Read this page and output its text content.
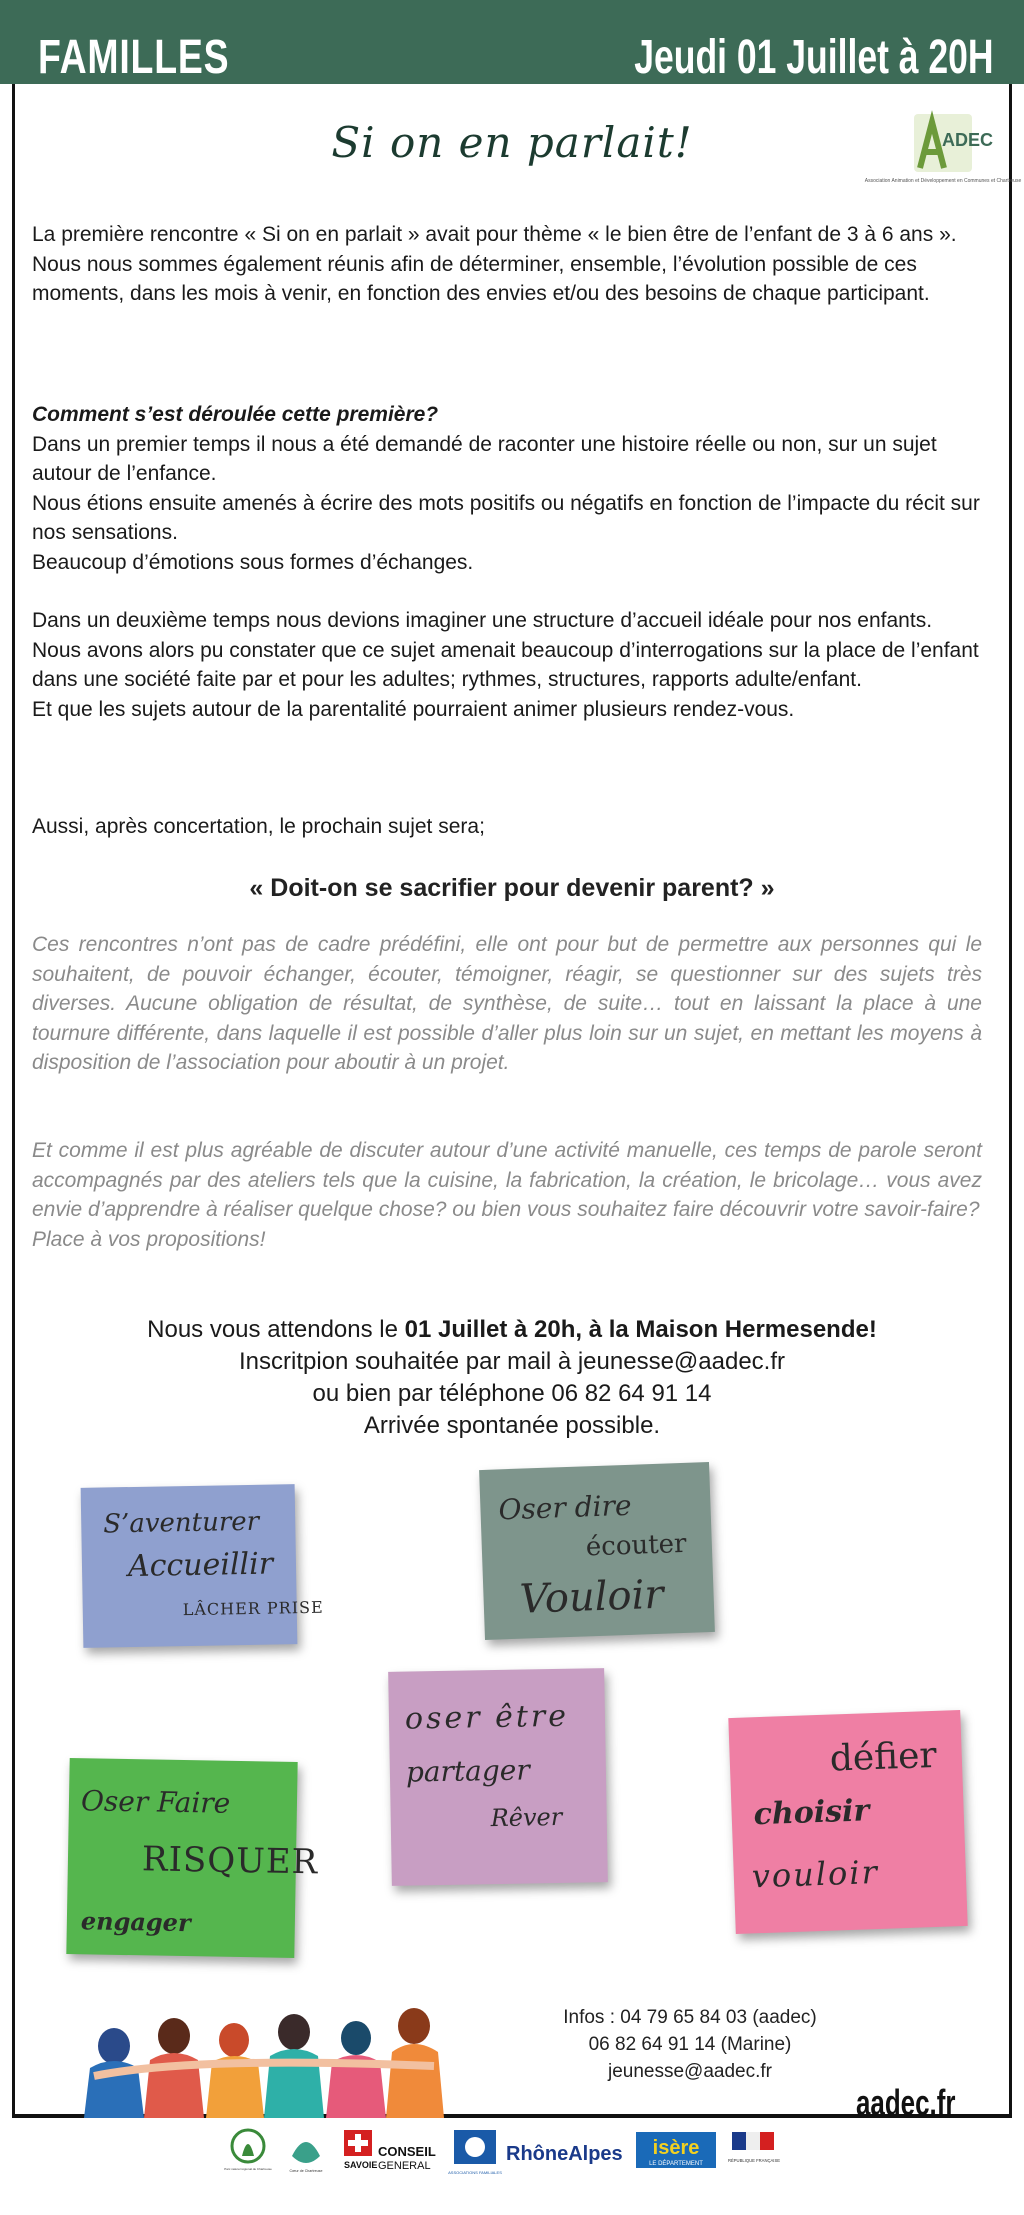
FAMILLES	Jeudi 01 Juillet à 20H
Si on en parlait!	ADEC
Association Animation et Développement en Communes et Chartreuse
La première rencontre « Si on en parlait » avait pour thème « le bien être de l’enfant de 3 à 6 ans ».
Nous nous sommes également réunis afin de déterminer, ensemble, l’évolution possible de ces moments, dans les mois à venir, en fonction des envies et/ou des besoins de chaque participant.
Comment s’est déroulée cette première?
Dans un premier temps il nous a été demandé de raconter une histoire réelle ou non, sur un sujet autour de l’enfance.
Nous étions ensuite amenés à écrire des mots positifs ou négatifs en fonction de l’impacte du récit sur nos sensations.
Beaucoup d’émotions sous formes d’échanges.
Dans un deuxième temps nous devions imaginer une structure d’accueil idéale pour nos enfants.
Nous avons alors pu constater que ce sujet amenait beaucoup d’interrogations sur la place de l’enfant dans une société faite par et pour les adultes; rythmes, structures, rapports adulte/enfant.
Et que les sujets autour de la parentalité pourraient animer plusieurs rendez-vous.
Aussi, après concertation, le prochain sujet sera;
« Doit-on se sacrifier pour devenir parent? »
Ces rencontres n’ont pas de cadre prédéfini, elle ont pour but de permettre aux personnes qui le souhaitent, de pouvoir échanger, écouter, témoigner, réagir, se questionner sur des sujets très diverses. Aucune obligation de résultat, de synthèse, de suite… tout en laissant la place à une tournure différente, dans laquelle il est possible d’aller plus loin sur un sujet, en mettant les moyens à disposition de l’association pour aboutir à un projet.
Et comme il est plus agréable de discuter autour d’une activité manuelle, ces temps de parole seront accompagnés par des ateliers tels que la cuisine, la fabrication, la création, le bricolage… vous avez envie d’apprendre à réaliser quelque chose? ou bien vous souhaitez faire découvrir votre savoir-faire?
Place à vos propositions!
Nous vous attendons le 01 Juillet à 20h, à la Maison Hermesende!
Inscritpion souhaitée par mail à jeunesse@aadec.fr
ou bien par téléphone 06 82 64 91 14
Arrivée spontanée possible.
S’aventurer
Accueillir
LÂCHER PRISE
Oser dire
écouter
Vouloir
oser être
partager
Rêver
Oser Faire
RISQUER
engager
défier
choisir
vouloir
Infos : 04 79 65 84 03 (aadec)
06 82 64 91 14 (Marine)
jeunesse@aadec.fr
aadec.fr
Parc naturel régional de Chartreuse	Cœur de Chartreuse
SAVOIE
CONSEIL
GENERAL
ASSOCIATIONS FAMILIALES
RhôneAlpes isère
LE DÉPARTEMENT
RÉPUBLIQUE FRANÇAISE
